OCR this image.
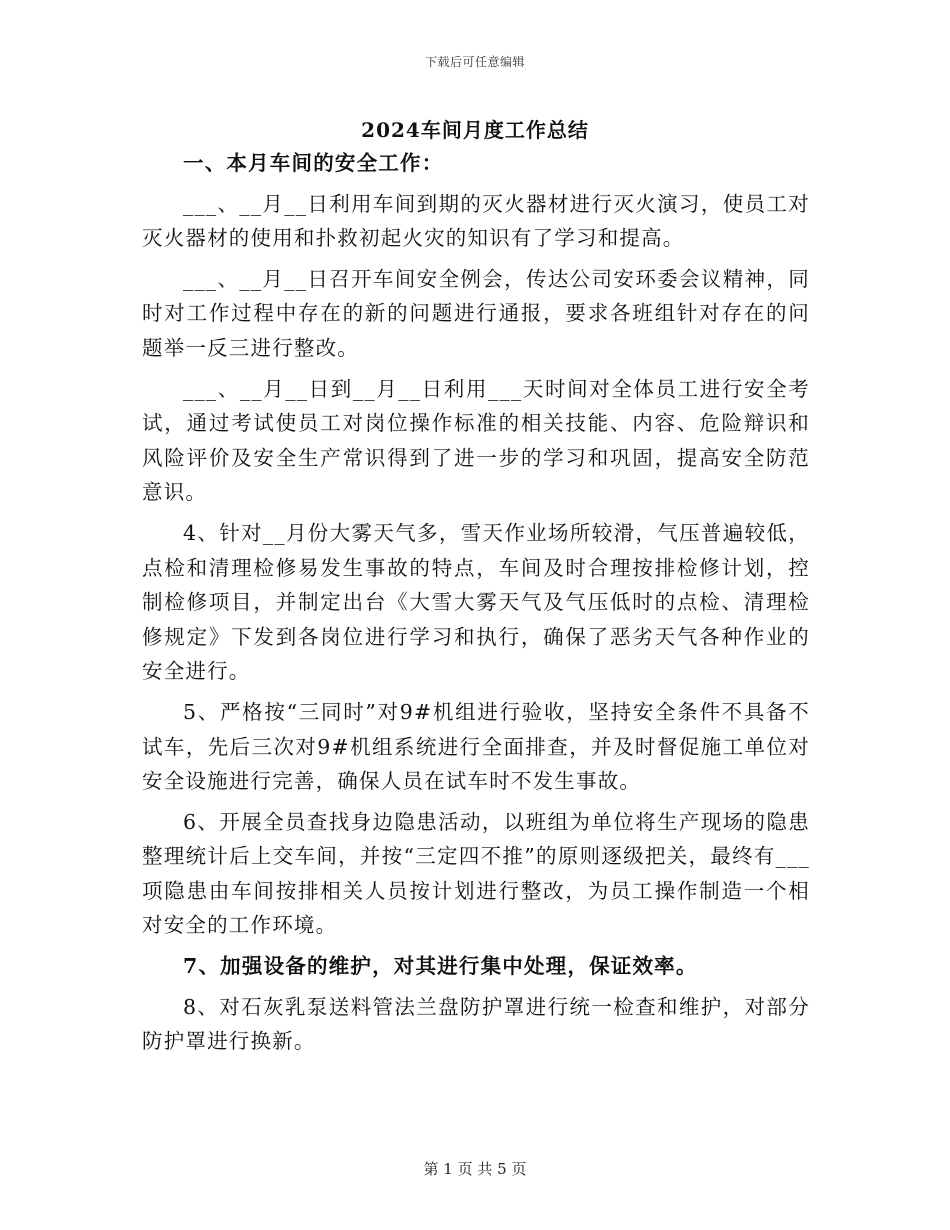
下载后可任意编辑
2024车间月度工作总结

一、本月车间的安全工作：

___、__月__日利用车间到期的灭火器材进行灭火演习，使员工对灭火器材的使用和扑救初起火灾的知识有了学习和提高。

___、__月__日召开车间安全例会，传达公司安环委会议精神，同时对工作过程中存在的新的问题进行通报，要求各班组针对存在的问题举一反三进行整改。

___、__月__日到__月__日利用___天时间对全体员工进行安全考试，通过考试使员工对岗位操作标准的相关技能、内容、危险辩识和风险评价及安全生产常识得到了进一步的学习和巩固，提高安全防范意识。

4、针对__月份大雾天气多，雪天作业场所较滑，气压普遍较低，点检和清理检修易发生事故的特点，车间及时合理按排检修计划，控制检修项目，并制定出台《大雪大雾天气及气压低时的点检、清理检修规定》下发到各岗位进行学习和执行，确保了恶劣天气各种作业的安全进行。

5、严格按“三同时”对9#机组进行验收，坚持安全条件不具备不试车，先后三次对9#机组系统进行全面排查，并及时督促施工单位对安全设施进行完善，确保人员在试车时不发生事故。

6、开展全员查找身边隐患活动，以班组为单位将生产现场的隐患整理统计后上交车间，并按“三定四不推”的原则逐级把关，最终有___项隐患由车间按排相关人员按计划进行整改，为员工操作制造一个相对安全的工作环境。

7、加强设备的维护，对其进行集中处理，保证效率。

8、对石灰乳泵送料管法兰盘防护罩进行统一检查和维护，对部分防护罩进行换新。

第 1 页 共 5 页
